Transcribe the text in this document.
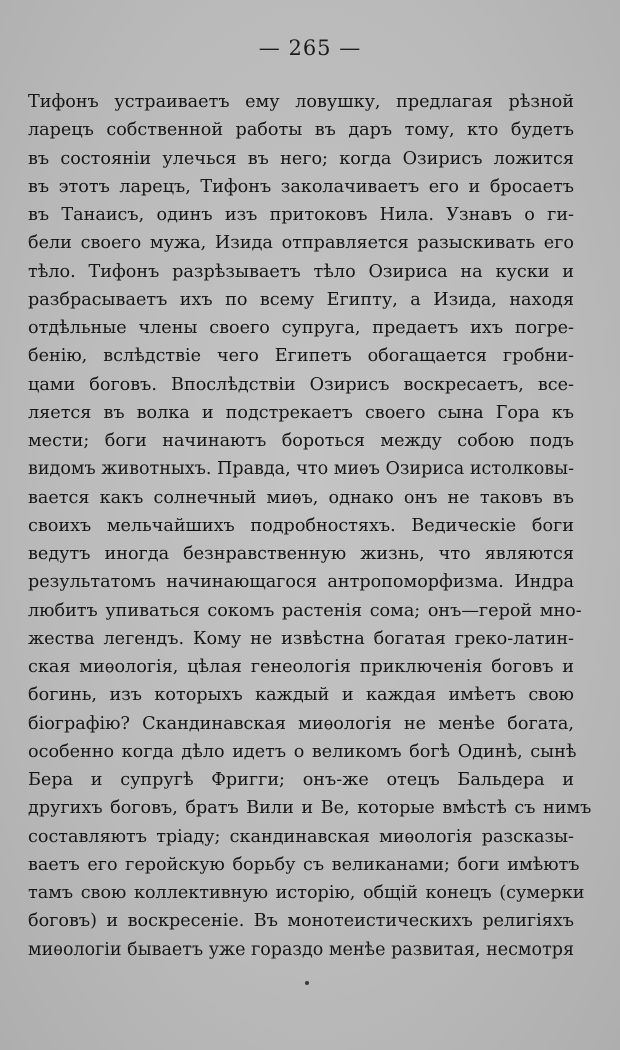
— 265 —
Тифонъ устраиваетъ ему ловушку, предлагая рѣзной
ларецъ собственной работы въ даръ тому, кто будетъ
въ состояніи улечься въ него; когда Озирисъ ложится
въ этотъ ларецъ, Тифонъ заколачиваетъ его и бросаетъ
въ Танаисъ, одинъ изъ притоковъ Нила. Узнавъ о ги-
бели своего мужа, Изида отправляется разыскивать его
тѣло. Тифонъ разрѣзываетъ тѣло Озириса на куски и
разбрасываетъ ихъ по всему Египту, а Изида, находя
отдѣльные члены своего супруга, предаетъ ихъ погре-
бенію, вслѣдствіе чего Египетъ обогащается гробни-
цами боговъ. Впослѣдствіи Озирисъ воскресаетъ, все-
ляется въ волка и подстрекаетъ своего сына Гора къ
мести; боги начинаютъ бороться между собою подъ
видомъ животныхъ. Правда, что миѳъ Озириса истолковы-
вается какъ солнечный миѳъ, однако онъ не таковъ въ
своихъ мельчайшихъ подробностяхъ. Ведическіе боги
ведутъ иногда безнравственную жизнь, что являются
результатомъ начинающагося антропоморфизма. Индра
любитъ упиваться сокомъ растенія сома; онъ—герой мно-
жества легендъ. Кому не извѣстна богатая греко-латин-
ская миѳологія, цѣлая генеологія приключенія боговъ и
богинь, изъ которыхъ каждый и каждая имѣетъ свою
біографію? Скандинавская миѳологія не менѣе богата,
особенно когда дѣло идетъ о великомъ богѣ Одинѣ, сынѣ
Бера и супругѣ Фригги; онъ-же отецъ Бальдера и
другихъ боговъ, братъ Вили и Ве, которые вмѣстѣ съ нимъ
составляютъ тріаду; скандинавская миѳологія разсказы-
ваетъ его геройскую борьбу съ великанами; боги имѣютъ
тамъ свою коллективную исторію, общій конецъ (сумерки
боговъ) и воскресеніе. Въ монотеистическихъ религіяхъ
миѳологіи бываетъ уже гораздо менѣе развитая, несмотря
